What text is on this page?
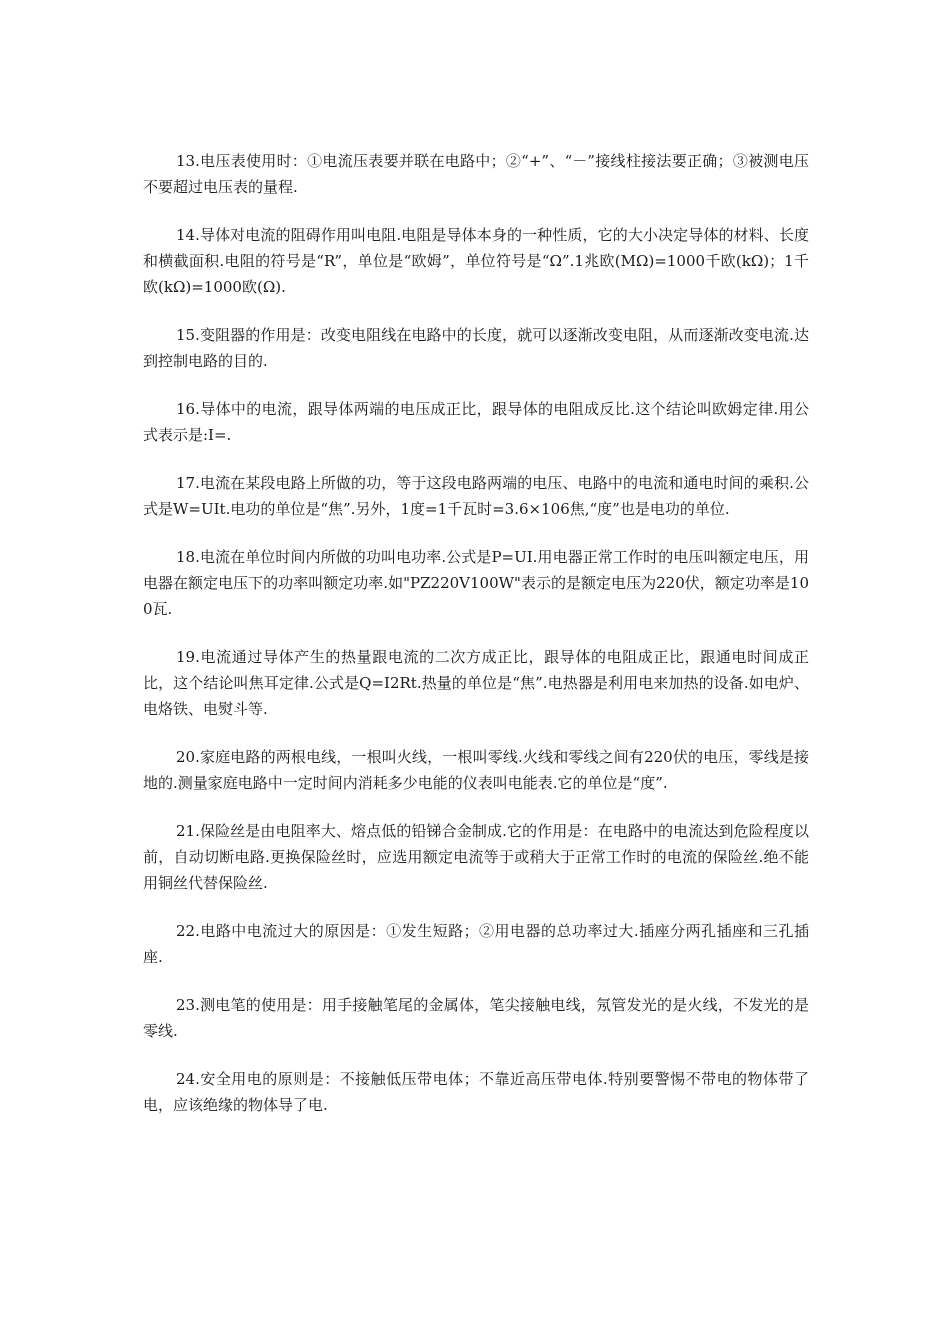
13.电压表使用时：①电流压表要并联在电路中；②“+”、“－”接线柱接法要正确；③被测电压不要超过电压表的量程.

14.导体对电流的阻碍作用叫电阻.电阻是导体本身的一种性质，它的大小决定导体的材料、长度和横截面积.电阻的符号是“R”，单位是“欧姆”，单位符号是“Ω”.1兆欧(MΩ)=1000千欧(kΩ)；1千欧(kΩ)=1000欧(Ω).

15.变阻器的作用是：改变电阻线在电路中的长度，就可以逐渐改变电阻，从而逐渐改变电流.达到控制电路的目的.

16.导体中的电流，跟导体两端的电压成正比，跟导体的电阻成反比.这个结论叫欧姆定律.用公式表示是:I=.

17.电流在某段电路上所做的功，等于这段电路两端的电压、电路中的电流和通电时间的乘积.公式是W=UIt.电功的单位是“焦”.另外，1度=1千瓦时=3.6×106焦,“度”也是电功的单位.

18.电流在单位时间内所做的功叫电功率.公式是P=UI.用电器正常工作时的电压叫额定电压，用电器在额定电压下的功率叫额定功率.如"PZ220V100W"表示的是额定电压为220伏，额定功率是100瓦.

19.电流通过导体产生的热量跟电流的二次方成正比，跟导体的电阻成正比，跟通电时间成正比，这个结论叫焦耳定律.公式是Q=I2Rt.热量的单位是“焦”.电热器是利用电来加热的设备.如电炉、电烙铁、电熨斗等.

20.家庭电路的两根电线，一根叫火线，一根叫零线.火线和零线之间有220伏的电压，零线是接地的.测量家庭电路中一定时间内消耗多少电能的仪表叫电能表.它的单位是“度”.

21.保险丝是由电阻率大、熔点低的铅锑合金制成.它的作用是：在电路中的电流达到危险程度以前，自动切断电路.更换保险丝时，应选用额定电流等于或稍大于正常工作时的电流的保险丝.绝不能用铜丝代替保险丝.

22.电路中电流过大的原因是：①发生短路；②用电器的总功率过大.插座分两孔插座和三孔插座.

23.测电笔的使用是：用手接触笔尾的金属体，笔尖接触电线，氖管发光的是火线，不发光的是零线.

24.安全用电的原则是：不接触低压带电体；不靠近高压带电体.特别要警惕不带电的物体带了电，应该绝缘的物体导了电.
